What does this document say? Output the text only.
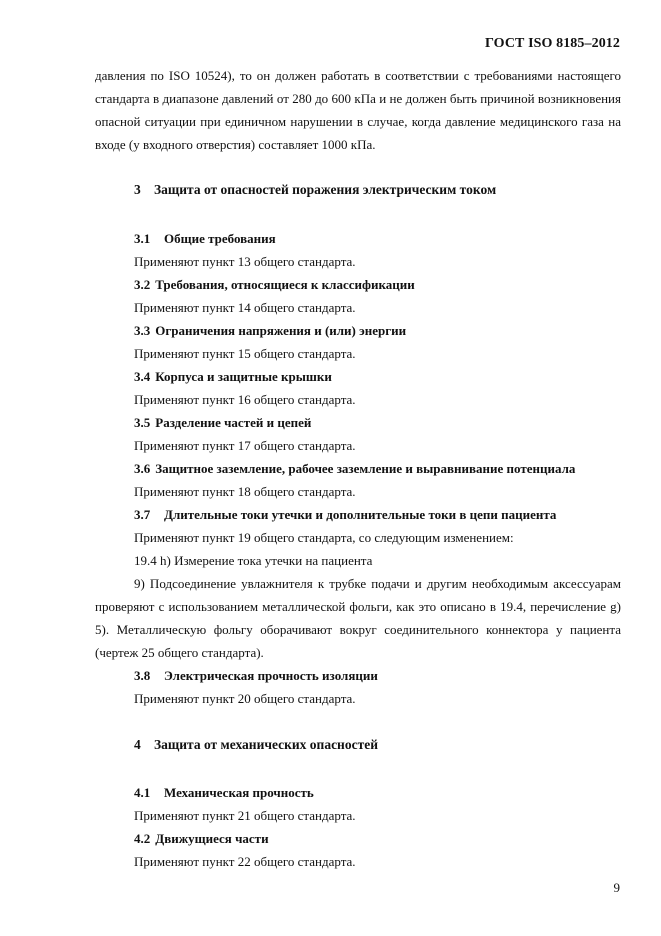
ГОСТ ISO 8185–2012
давления по ISO 10524), то он должен работать в соответствии с требованиями настоящего стандарта в диапазоне давлений от 280 до 600 кПа и не должен быть причиной возникновения опасной ситуации при единичном нарушении в случае, когда давление медицинского газа на входе (у входного отверстия) составляет 1000 кПа.
3 Защита от опасностей поражения электрическим током
3.1 Общие требования
Применяют пункт 13 общего стандарта.
3.2 Требования, относящиеся к классификации
Применяют пункт 14 общего стандарта.
3.3 Ограничения напряжения и (или) энергии
Применяют пункт 15 общего стандарта.
3.4 Корпуса и защитные крышки
Применяют пункт 16 общего стандарта.
3.5 Разделение частей и цепей
Применяют пункт 17 общего стандарта.
3.6 Защитное заземление, рабочее заземление и выравнивание потенциала
Применяют пункт 18 общего стандарта.
3.7 Длительные токи утечки и дополнительные токи в цепи пациента
Применяют пункт 19 общего стандарта, со следующим изменением:
19.4 h) Измерение тока утечки на пациента
9) Подсоединение увлажнителя к трубке подачи и другим необходимым аксессуарам проверяют с использованием металлической фольги, как это описано в 19.4, перечисление g) 5). Металлическую фольгу оборачивают вокруг соединительного коннектора у пациента (чертеж 25 общего стандарта).
3.8 Электрическая прочность изоляции
Применяют пункт 20 общего стандарта.
4 Защита от механических опасностей
4.1 Механическая прочность
Применяют пункт 21 общего стандарта.
4.2 Движущиеся части
Применяют пункт 22 общего стандарта.
9
